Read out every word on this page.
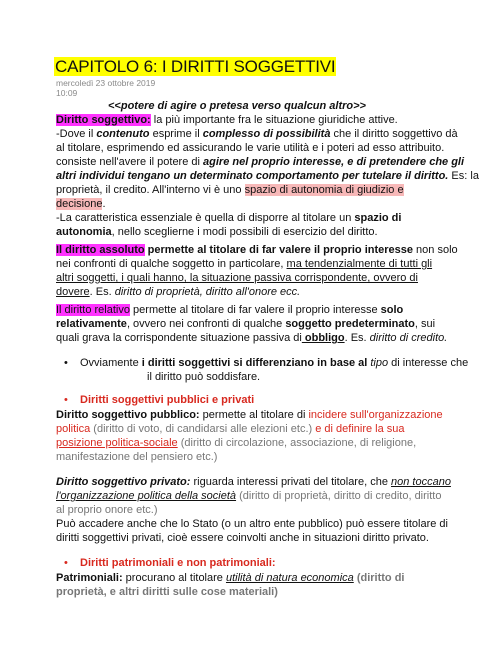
CAPITOLO 6: I DIRITTI SOGGETTIVI
mercoledì 23 ottobre 2019
10:09
<<potere di agire o pretesa verso qualcun altro>>
Diritto soggettivo: la più importante fra le situazione giuridiche attive.
-Dove il contenuto esprime il complesso di possibilità che il diritto soggettivo dà
al titolare, esprimendo ed assicurando le varie utilità e i poteri ad esso attribuito.
consiste nell'avere il potere di agire nel proprio interesse, e di pretendere che gli
altri individui tengano un determinato comportamento per tutelare il diritto. Es: la
proprietà, il credito. All'interno vi è uno spazio di autonomia di giudizio e
decisione.
-La caratteristica essenziale è quella di disporre al titolare un spazio di
autonomia, nello sceglierne i modi possibili di esercizio del diritto.
Il diritto assoluto permette al titolare di far valere il proprio interesse non solo
nei confronti di qualche soggetto in particolare, ma tendenzialmente di tutti gli
altri soggetti, i quali hanno, la situazione passiva corrispondente, ovvero di
dovere. Es. diritto di proprietà, diritto all'onore ecc.
Il diritto relativo permette al titolare di far valere il proprio interesse solo
relativamente, ovvero nei confronti di qualche soggetto predeterminato, sui
quali grava la corrispondente situazione passiva di obbligo. Es. diritto di credito.
• Ovviamente i diritti soggettivi si differenziano in base al tipo di interesse che
il diritto può soddisfare.
• Diritti soggettivi pubblici e privati
Diritto soggettivo pubblico: permette al titolare di incidere sull'organizzazione
politica (diritto di voto, di candidarsi alle elezioni etc.) e di definire la sua
posizione politica-sociale (diritto di circolazione, associazione, di religione,
manifestazione del pensiero etc.)
Diritto soggettivo privato: riguarda interessi privati del titolare, che non toccano
l'organizzazione politica della società (diritto di proprietà, diritto di credito, diritto
al proprio onore etc.)
Può accadere anche che lo Stato (o un altro ente pubblico) può essere titolare di
diritti soggettivi privati, cioè essere coinvolti anche in situazioni diritto privato.
• Diritti patrimoniali e non patrimoniali:
Patrimoniali: procurano al titolare utilità di natura economica (diritto di
proprietà, e altri diritti sulle cose materiali)
